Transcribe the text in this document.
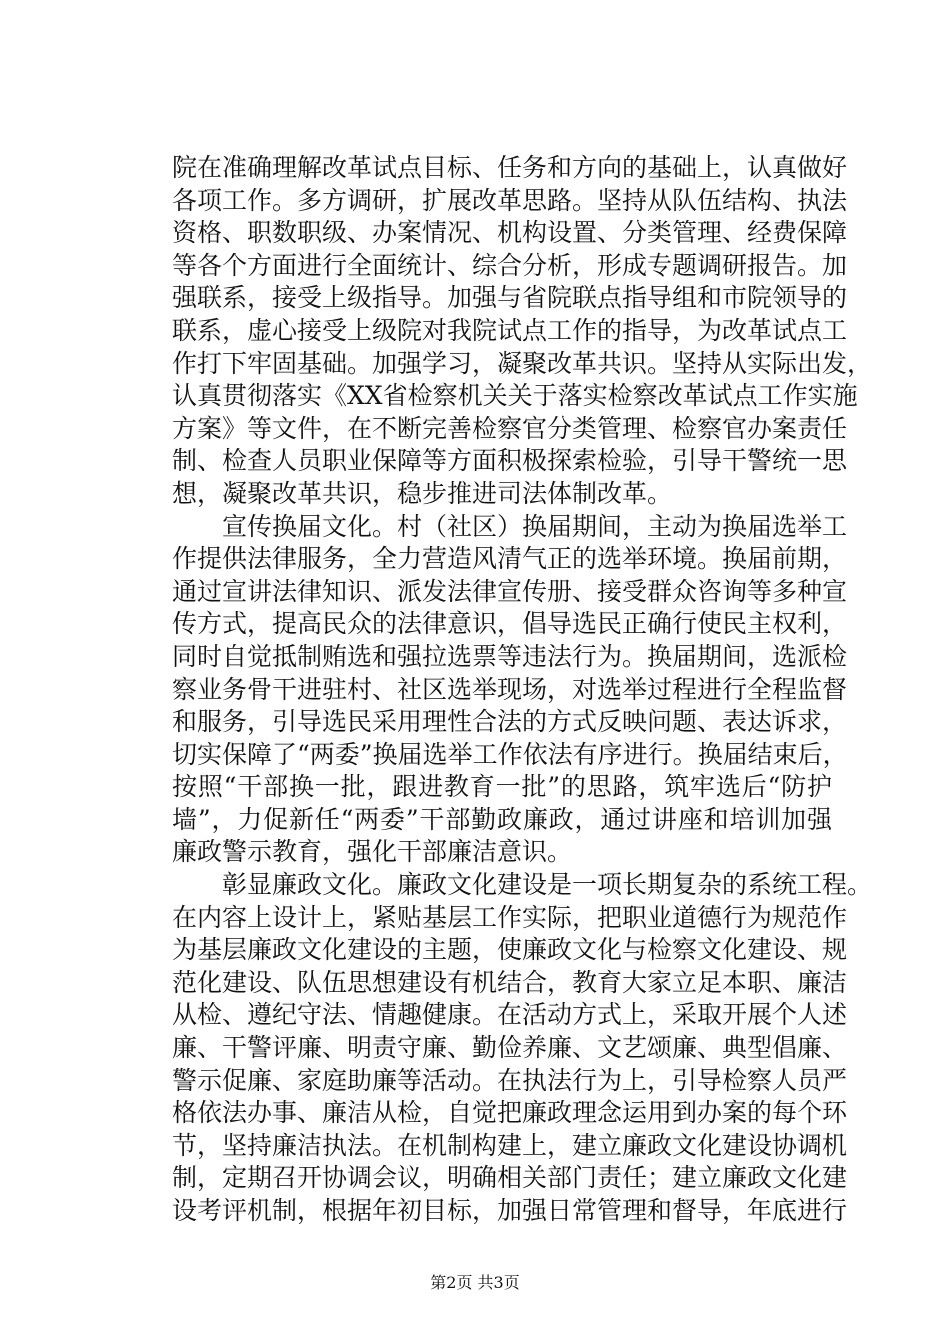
院在准确理解改革试点目标、任务和方向的基础上，认真做好
各项工作。多方调研，扩展改革思路。坚持从队伍结构、执法
资格、职数职级、办案情况、机构设置、分类管理、经费保障
等各个方面进行全面统计、综合分析，形成专题调研报告。加
强联系，接受上级指导。加强与省院联点指导组和市院领导的
联系，虚心接受上级院对我院试点工作的指导，为改革试点工
作打下牢固基础。加强学习，凝聚改革共识。坚持从实际出发，
认真贯彻落实《XX省检察机关关于落实检察改革试点工作实施
方案》等文件，在不断完善检察官分类管理、检察官办案责任
制、检查人员职业保障等方面积极探索检验，引导干警统一思
想，凝聚改革共识，稳步推进司法体制改革。
　　宣传换届文化。村（社区）换届期间，主动为换届选举工
作提供法律服务，全力营造风清气正的选举环境。换届前期，
通过宣讲法律知识、派发法律宣传册、接受群众咨询等多种宣
传方式，提高民众的法律意识，倡导选民正确行使民主权利，
同时自觉抵制贿选和强拉选票等违法行为。换届期间，选派检
察业务骨干进驻村、社区选举现场，对选举过程进行全程监督
和服务，引导选民采用理性合法的方式反映问题、表达诉求，
切实保障了“两委”换届选举工作依法有序进行。换届结束后，
按照“干部换一批，跟进教育一批”的思路，筑牢选后“防护
墙”，力促新任“两委”干部勤政廉政，通过讲座和培训加强
廉政警示教育，强化干部廉洁意识。
　　彰显廉政文化。廉政文化建设是一项长期复杂的系统工程。
在内容上设计上，紧贴基层工作实际，把职业道德行为规范作
为基层廉政文化建设的主题，使廉政文化与检察文化建设、规
范化建设、队伍思想建设有机结合，教育大家立足本职、廉洁
从检、遵纪守法、情趣健康。在活动方式上，采取开展个人述
廉、干警评廉、明责守廉、勤俭养廉、文艺颂廉、典型倡廉、
警示促廉、家庭助廉等活动。在执法行为上，引导检察人员严
格依法办事、廉洁从检，自觉把廉政理念运用到办案的每个环
节，坚持廉洁执法。在机制构建上，建立廉政文化建设协调机
制，定期召开协调会议，明确相关部门责任；建立廉政文化建
设考评机制，根据年初目标，加强日常管理和督导，年底进行
第2页 共3页
